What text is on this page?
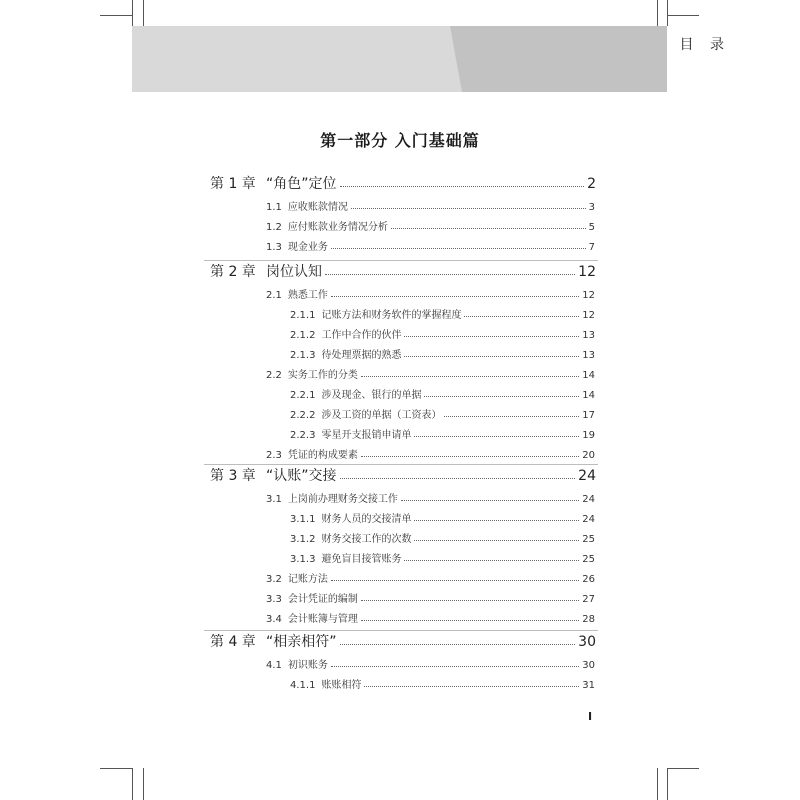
目 录
第一部分 入门基础篇
第 1 章 “角色”定位	2
1.1 应收账款情况	3
1.2 应付账款业务情况分析	5
1.3 现金业务	7
第 2 章 岗位认知	12
2.1 熟悉工作	12
2.1.1 记账方法和财务软件的掌握程度	12
2.1.2 工作中合作的伙伴	13
2.1.3 待处理票据的熟悉	13
2.2 实务工作的分类	14
2.2.1 涉及现金、银行的单据	14
2.2.2 涉及工资的单据（工资表）	17
2.2.3 零星开支报销申请单	19
2.3 凭证的构成要素	20
第 3 章 “认账”交接	24
3.1 上岗前办理财务交接工作	24
3.1.1 财务人员的交接清单	24
3.1.2 财务交接工作的次数	25
3.1.3 避免盲目接管账务	25
3.2 记账方法	26
3.3 会计凭证的编制	27
3.4 会计账簿与管理	28
第 4 章 “相亲相符”	30
4.1 初识账务	30
4.1.1 账账相符	31
I
